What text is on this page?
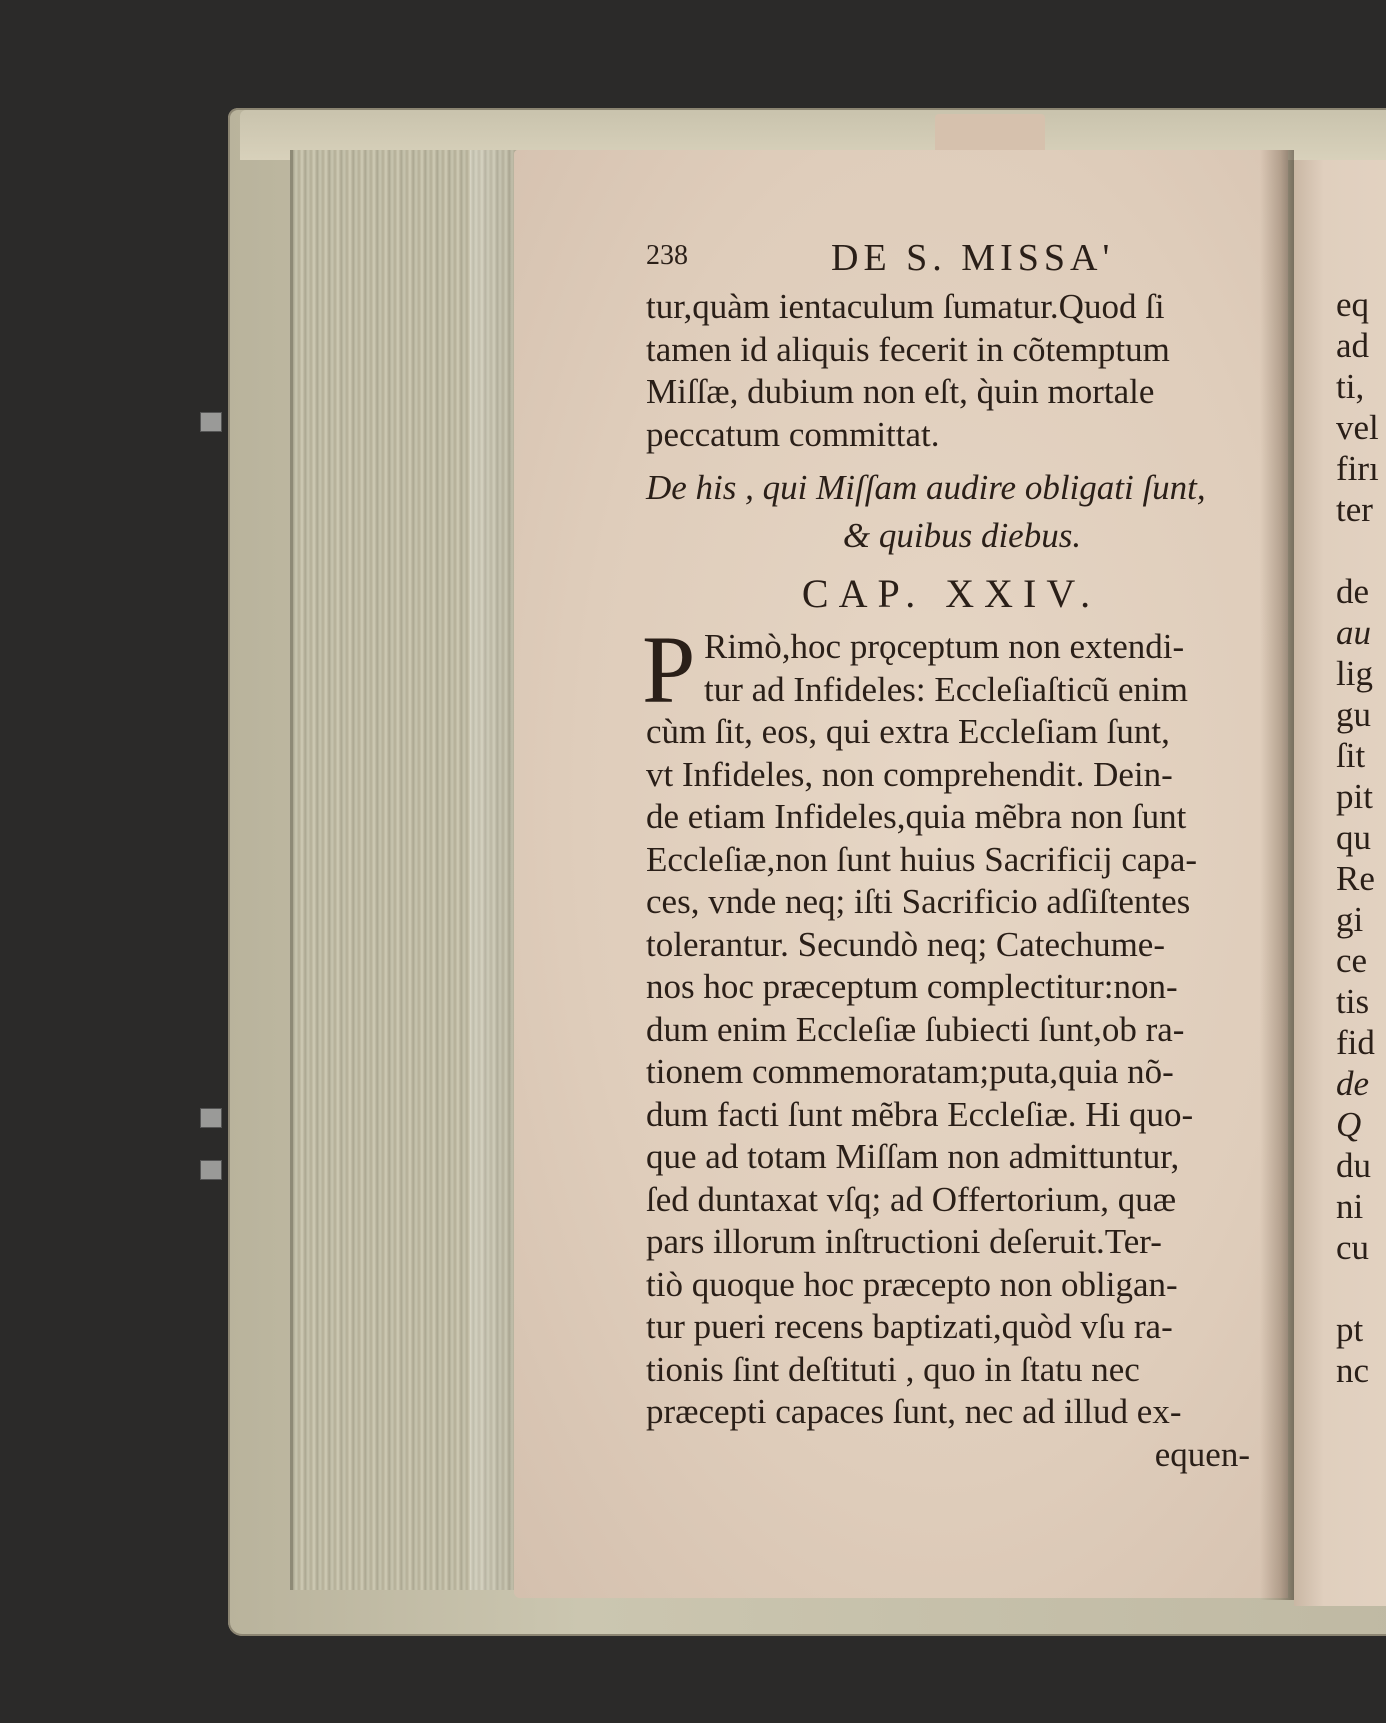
238	DE S. MISSA'
tur,quàm ientaculum ſumatur.Quod ſi
tamen id aliquis fecerit in cõtemptum
Miſſæ, dubium non eſt, q̀uin mortale
peccatum committat.
De his , qui Miſſam audire obligati ſunt,
& quibus diebus.
CAP. XXIV.
P Rimò,hoc prǫceptum non extendi-
tur ad Infideles: Eccleſiaſticũ enim
cùm ſit, eos, qui extra Eccleſiam ſunt,
vt Infideles, non comprehendit. Dein-
de etiam Infideles,quia mẽbra non ſunt
Eccleſiæ,non ſunt huius Sacrificij capa-
ces, vnde neq; iſti Sacrificio adſiſtentes
tolerantur. Secundò neq; Catechume-
nos hoc præceptum complectitur:non-
dum enim Eccleſiæ ſubiecti ſunt,ob ra-
tionem commemoratam;puta,quia nõ-
dum facti ſunt mẽbra Eccleſiæ. Hi quo-
que ad totam Miſſam non admittuntur,
ſed duntaxat vſq; ad Offertorium, quæ
pars illorum inſtructioni deſeruit.Ter-
tiò quoque hoc præcepto non obligan-
tur pueri recens baptizati,quòd vſu ra-
tionis ſint deſtituti , quo in ſtatu nec
præcepti capaces ſunt, nec ad illud ex-
equen-
eq
ad
ti,
vel
firı
ter
de
au
lig
gu
ſit
pit
qu
Re
gi
ce
tis
fid
de
Q
du
ni
cu
pt
nc
